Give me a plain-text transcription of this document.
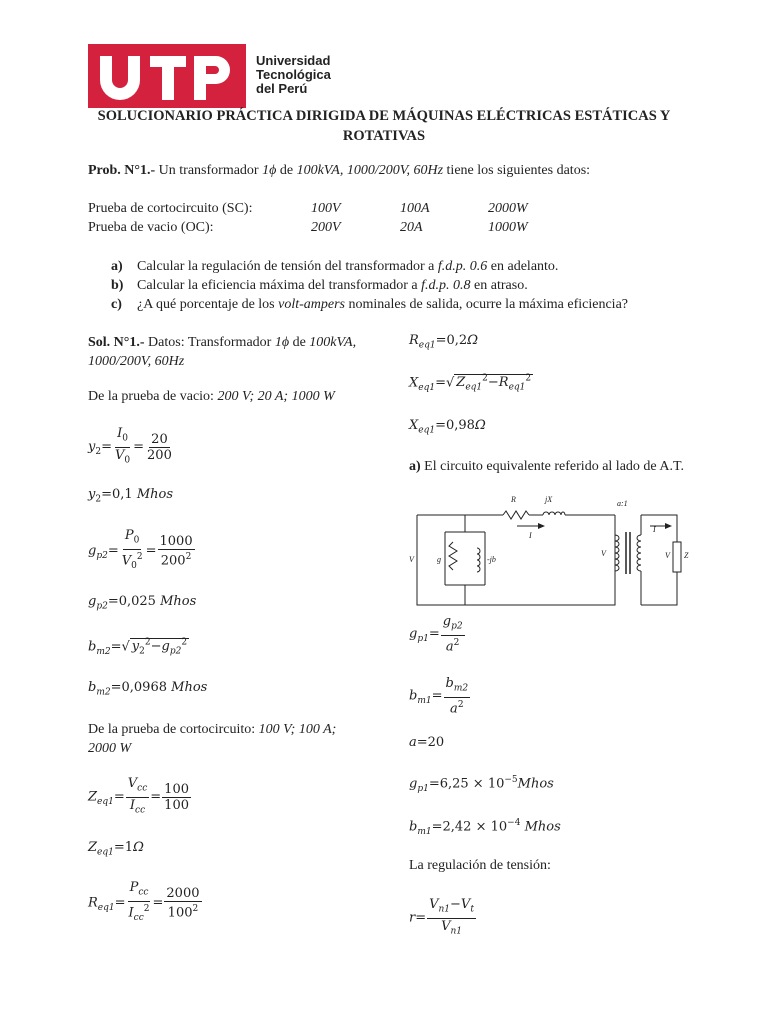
Universidad
Tecnológica
del Perú
SOLUCIONARIO PRÁCTICA DIRIGIDA DE MÁQUINAS ELÉCTRICAS ESTÁTICAS Y
ROTATIVAS
Prob. N°1.- Un transformador 1ϕ de 100kVA, 1000/200V, 60Hz tiene los siguientes datos:
Prueba de cortocircuito (SC):	100V	100A	2000W
Prueba de vacio (OC):	200V	20A	1000W
a) Calcular la regulación de tensión del transformador a f.d.p. 0.6 en adelanto.
b) Calcular la eficiencia máxima del transformador a f.d.p. 0.8 en atraso.
c) ¿A qué porcentaje de los volt-ampers nominales de salida, ocurre la máxima eficiencia?
Sol. N°1.- Datos: Transformador 1ϕ de 100kVA,
1000/200V, 60Hz
De la prueba de vacio: 200 V; 20 A; 1000 W
$y_2= \frac{I_0}{V_0} = \frac{20}{200}$
$y_2=0,1$ Mhos
$g_{p2}= \frac{P_0}{V_0^2} = \frac{1000}{200^2}$
$g_{p2}=0,025$ Mhos
$b_{m2}=√$ $y_2^2-g_{p2}^2$
$b_{m2}=0,0968$ Mhos
De la prueba de cortocircuito: 100 V; 100 A;
2000 W
$Z_{eq1}= \frac{V_{cc}}{I_{cc}} = \frac{100}{100}$
$Z_{eq1}=1\Omega$
$R_{eq1}= \frac{P_{cc}}{I_{cc}^2} = \frac{2000}{100^2}$
$R_{eq1}=0,2\Omega$
$X_{eq1}=√$ $Z_{eq1}^2-R_{eq1}^2$
$X_{eq1}=0,98\Omega$
a) El circuito equivalente referido al lado de A.T.
R	jX	a:1
I
I
g	-jb
V
V	V Z
$g_{p1}= \frac{g_{p2}}{a^2}$
$b_{m1}= \frac{b_{m2}}{a^2}$
a=20
$g_{p1}=6,25$ × $10^{-5}Mhos$
$b_{m1}=2,42 \times 10^{-4}$ Mhos
La regulación de tensión:
$r= \frac{V_{n1}-V_t}{V_{n1}}$
